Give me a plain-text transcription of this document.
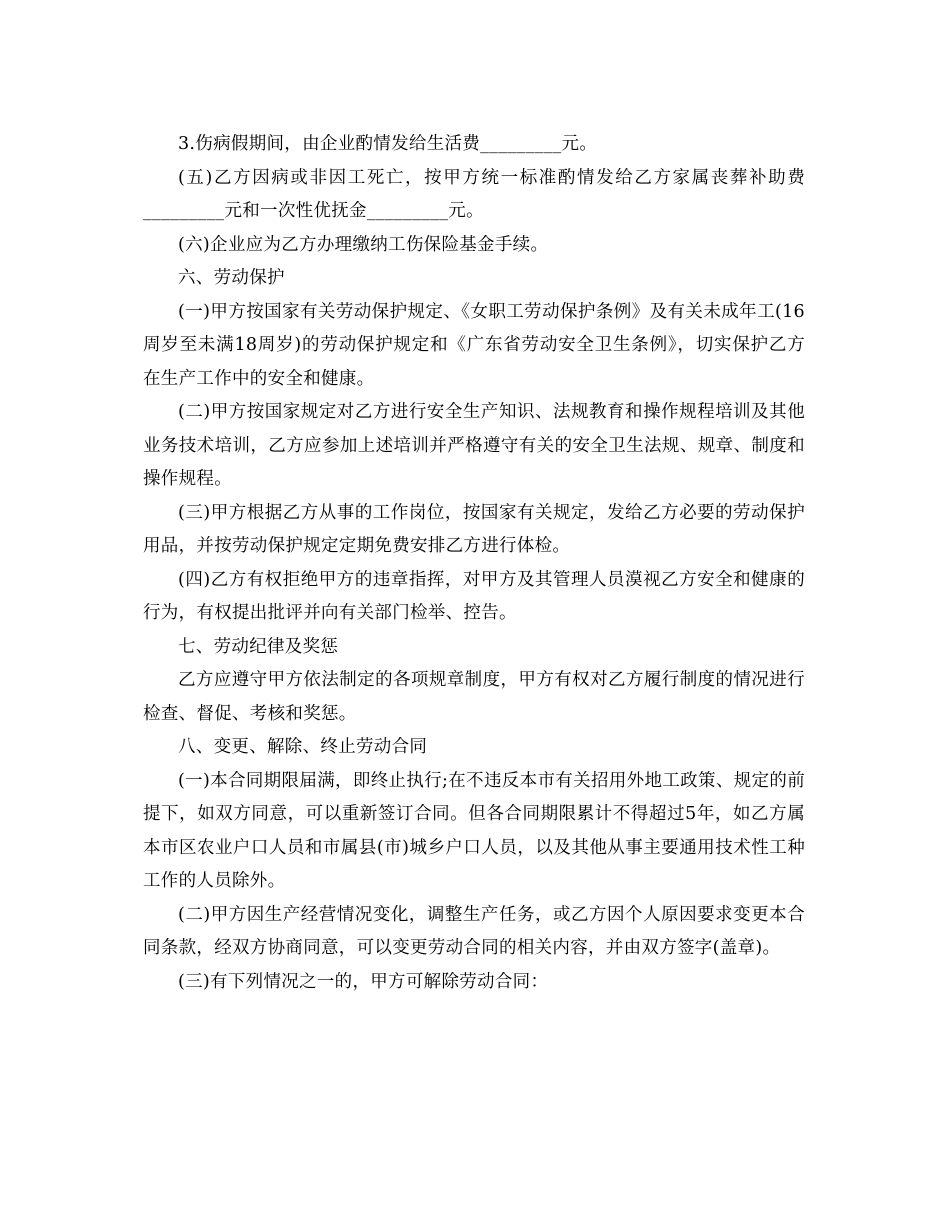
3.伤病假期间，由企业酌情发给生活费_________元。

(五)乙方因病或非因工死亡，按甲方统一标准酌情发给乙方家属丧葬补助费_________元和一次性优抚金_________元。

(六)企业应为乙方办理缴纳工伤保险基金手续。

六、劳动保护

(一)甲方按国家有关劳动保护规定、《女职工劳动保护条例》及有关未成年工(16周岁至未满18周岁)的劳动保护规定和《广东省劳动安全卫生条例》，切实保护乙方在生产工作中的安全和健康。

(二)甲方按国家规定对乙方进行安全生产知识、法规教育和操作规程培训及其他业务技术培训，乙方应参加上述培训并严格遵守有关的安全卫生法规、规章、制度和操作规程。

(三)甲方根据乙方从事的工作岗位，按国家有关规定，发给乙方必要的劳动保护用品，并按劳动保护规定定期免费安排乙方进行体检。

(四)乙方有权拒绝甲方的违章指挥，对甲方及其管理人员漠视乙方安全和健康的行为，有权提出批评并向有关部门检举、控告。

七、劳动纪律及奖惩

乙方应遵守甲方依法制定的各项规章制度，甲方有权对乙方履行制度的情况进行检查、督促、考核和奖惩。

八、变更、解除、终止劳动合同

(一)本合同期限届满，即终止执行;在不违反本市有关招用外地工政策、规定的前提下，如双方同意，可以重新签订合同。但各合同期限累计不得超过5年，如乙方属本市区农业户口人员和市属县(市)城乡户口人员，以及其他从事主要通用技术性工种工作的人员除外。

(二)甲方因生产经营情况变化，调整生产任务，或乙方因个人原因要求变更本合同条款，经双方协商同意，可以变更劳动合同的相关内容，并由双方签字(盖章)。

(三)有下列情况之一的，甲方可解除劳动合同：
